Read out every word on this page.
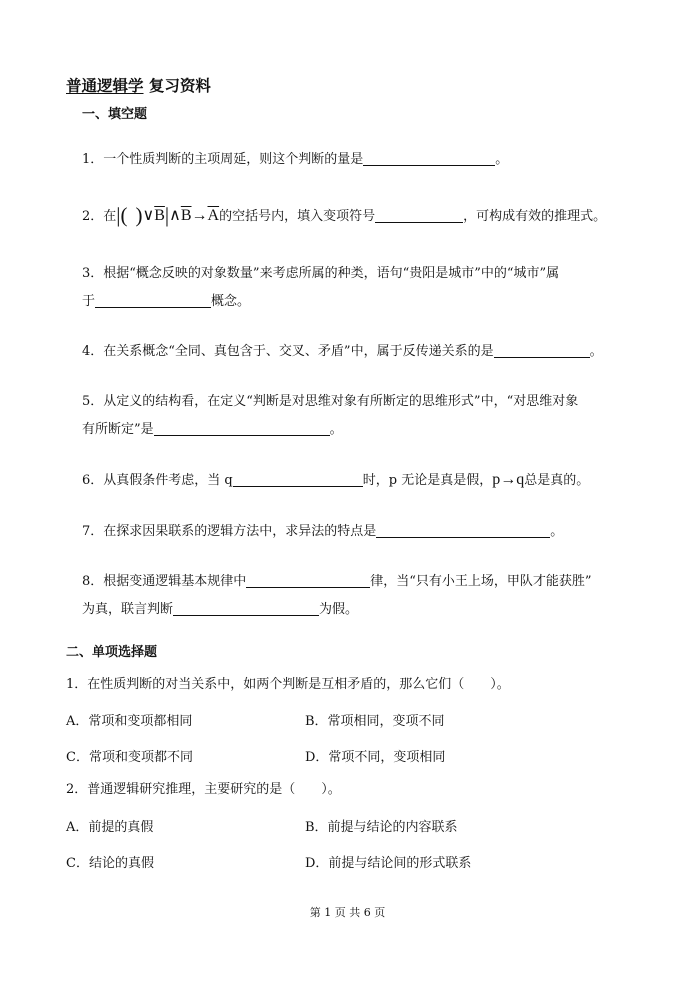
普通逻辑学 复习资料
一、填空题
1．一个性质判断的主项周延，则这个判断的量是	。
2．在|( )$\vee\overline{B}|\wedge\overline{B}\to\overline{A}$的空括号内，填入变项符号	，可构成有效的推理式。
3．根据“概念反映的对象数量”来考虑所属的种类，语句“贵阳是城市”中的“城市”属
于	概念。
4．在关系概念“全同、真包含于、交叉、矛盾”中，属于反传递关系的是	。
5．从定义的结构看，在定义“判断是对思维对象有所断定的思维形式”中，“对思维对象
有所断定”是	。
6．从真假条件考虑，当 q	时，p 无论是真是假，p→q总是真的。
7．在探求因果联系的逻辑方法中，求异法的特点是	。
8．根据变通逻辑基本规律中	律，当“只有小王上场，甲队才能获胜”
为真，联言判断	为假。
二、单项选择题
1．在性质判断的对当关系中，如两个判断是互相矛盾的，那么它们（　　）。
A．常项和变项都相同	B．常项相同，变项不同
C．常项和变项都不同	D．常项不同，变项相同
2．普通逻辑研究推理，主要研究的是（　　）。
A．前提的真假	B．前提与结论的内容联系
C．结论的真假	D．前提与结论间的形式联系
第 1 页 共 6 页
